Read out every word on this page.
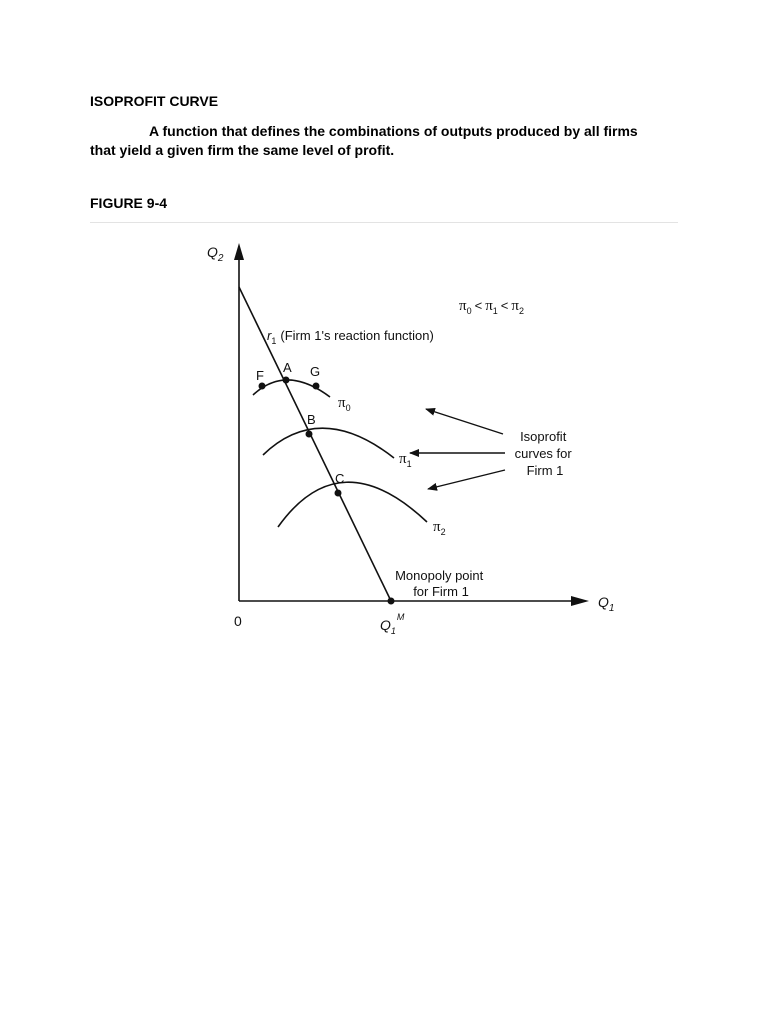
ISOPROFIT CURVE

A function that defines the combinations of outputs produced by all firms
that yield a given firm the same level of profit.

FIGURE 9-4

$Q_2$
$Q_1$
0
$\pi_0 < \pi_1 < \pi_2$
$r_1$ (Firm 1's reaction function)
F
A G
B
C
$\pi_0$
$\pi_1$
$\pi_2$
Isoprofit curves for Firm 1
Monopoly point for Firm 1
$Q_1^M$
